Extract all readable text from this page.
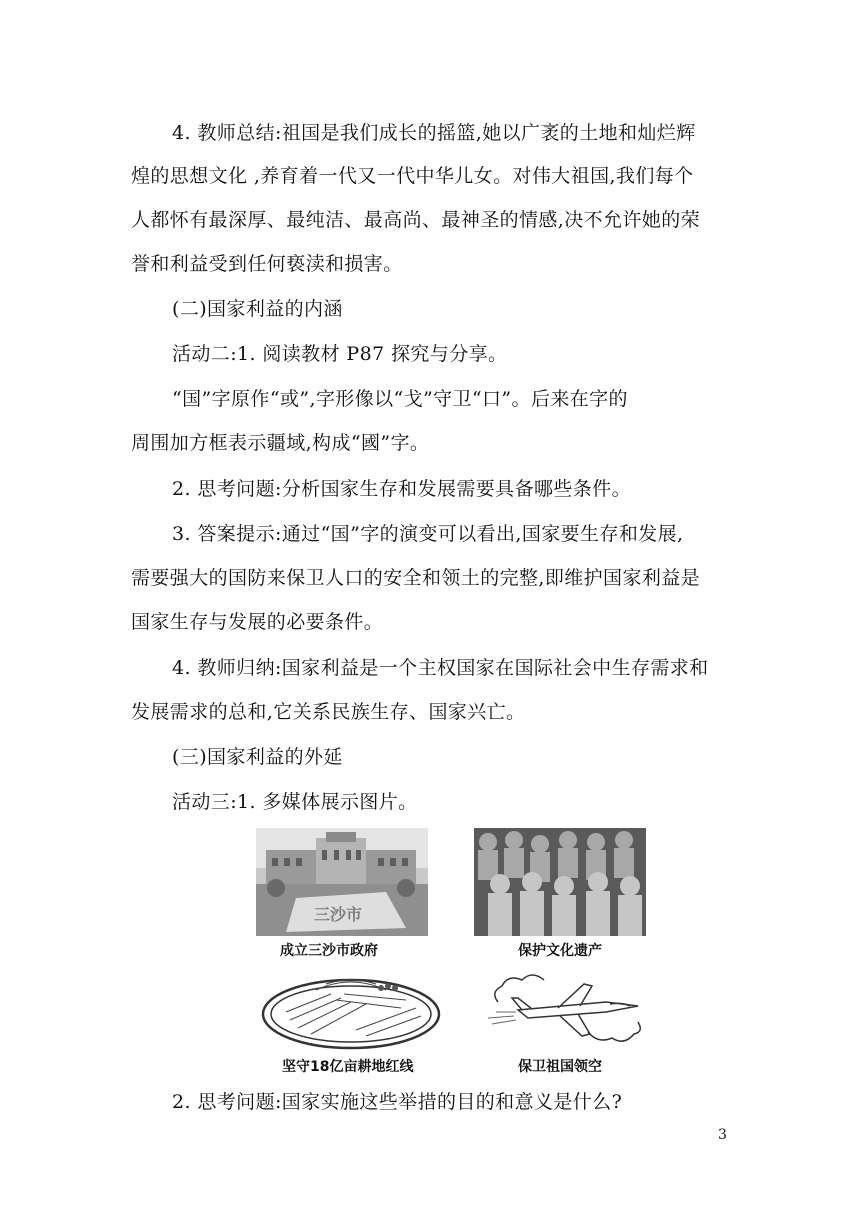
4. 教师总结:祖国是我们成长的摇篮,她以广袤的土地和灿烂辉

煌的思想文化 ,养育着一代又一代中华儿女。对伟大祖国,我们每个

人都怀有最深厚、最纯洁、最高尚、最神圣的情感,决不允许她的荣

誉和利益受到任何亵渎和损害。

(二)国家利益的内涵

活动二:1. 阅读教材 P87 探究与分享。

“国”字原作“或”,字形像以“戈”守卫“口”。后来在字的

周围加方框表示疆域,构成“國”字。

2. 思考问题:分析国家生存和发展需要具备哪些条件。

3. 答案提示:通过“国”字的演变可以看出,国家要生存和发展,

需要强大的国防来保卫人口的安全和领土的完整,即维护国家利益是

国家生存与发展的必要条件。

4. 教师归纳:国家利益是一个主权国家在国际社会中生存需求和

发展需求的总和,它关系民族生存、国家兴亡。

(三)国家利益的外延

活动三:1. 多媒体展示图片。

三沙市
成立三沙市政府	保护文化遗产
坚守18亿亩耕地红线	保卫祖国领空

2. 思考问题:国家实施这些举措的目的和意义是什么?

3
